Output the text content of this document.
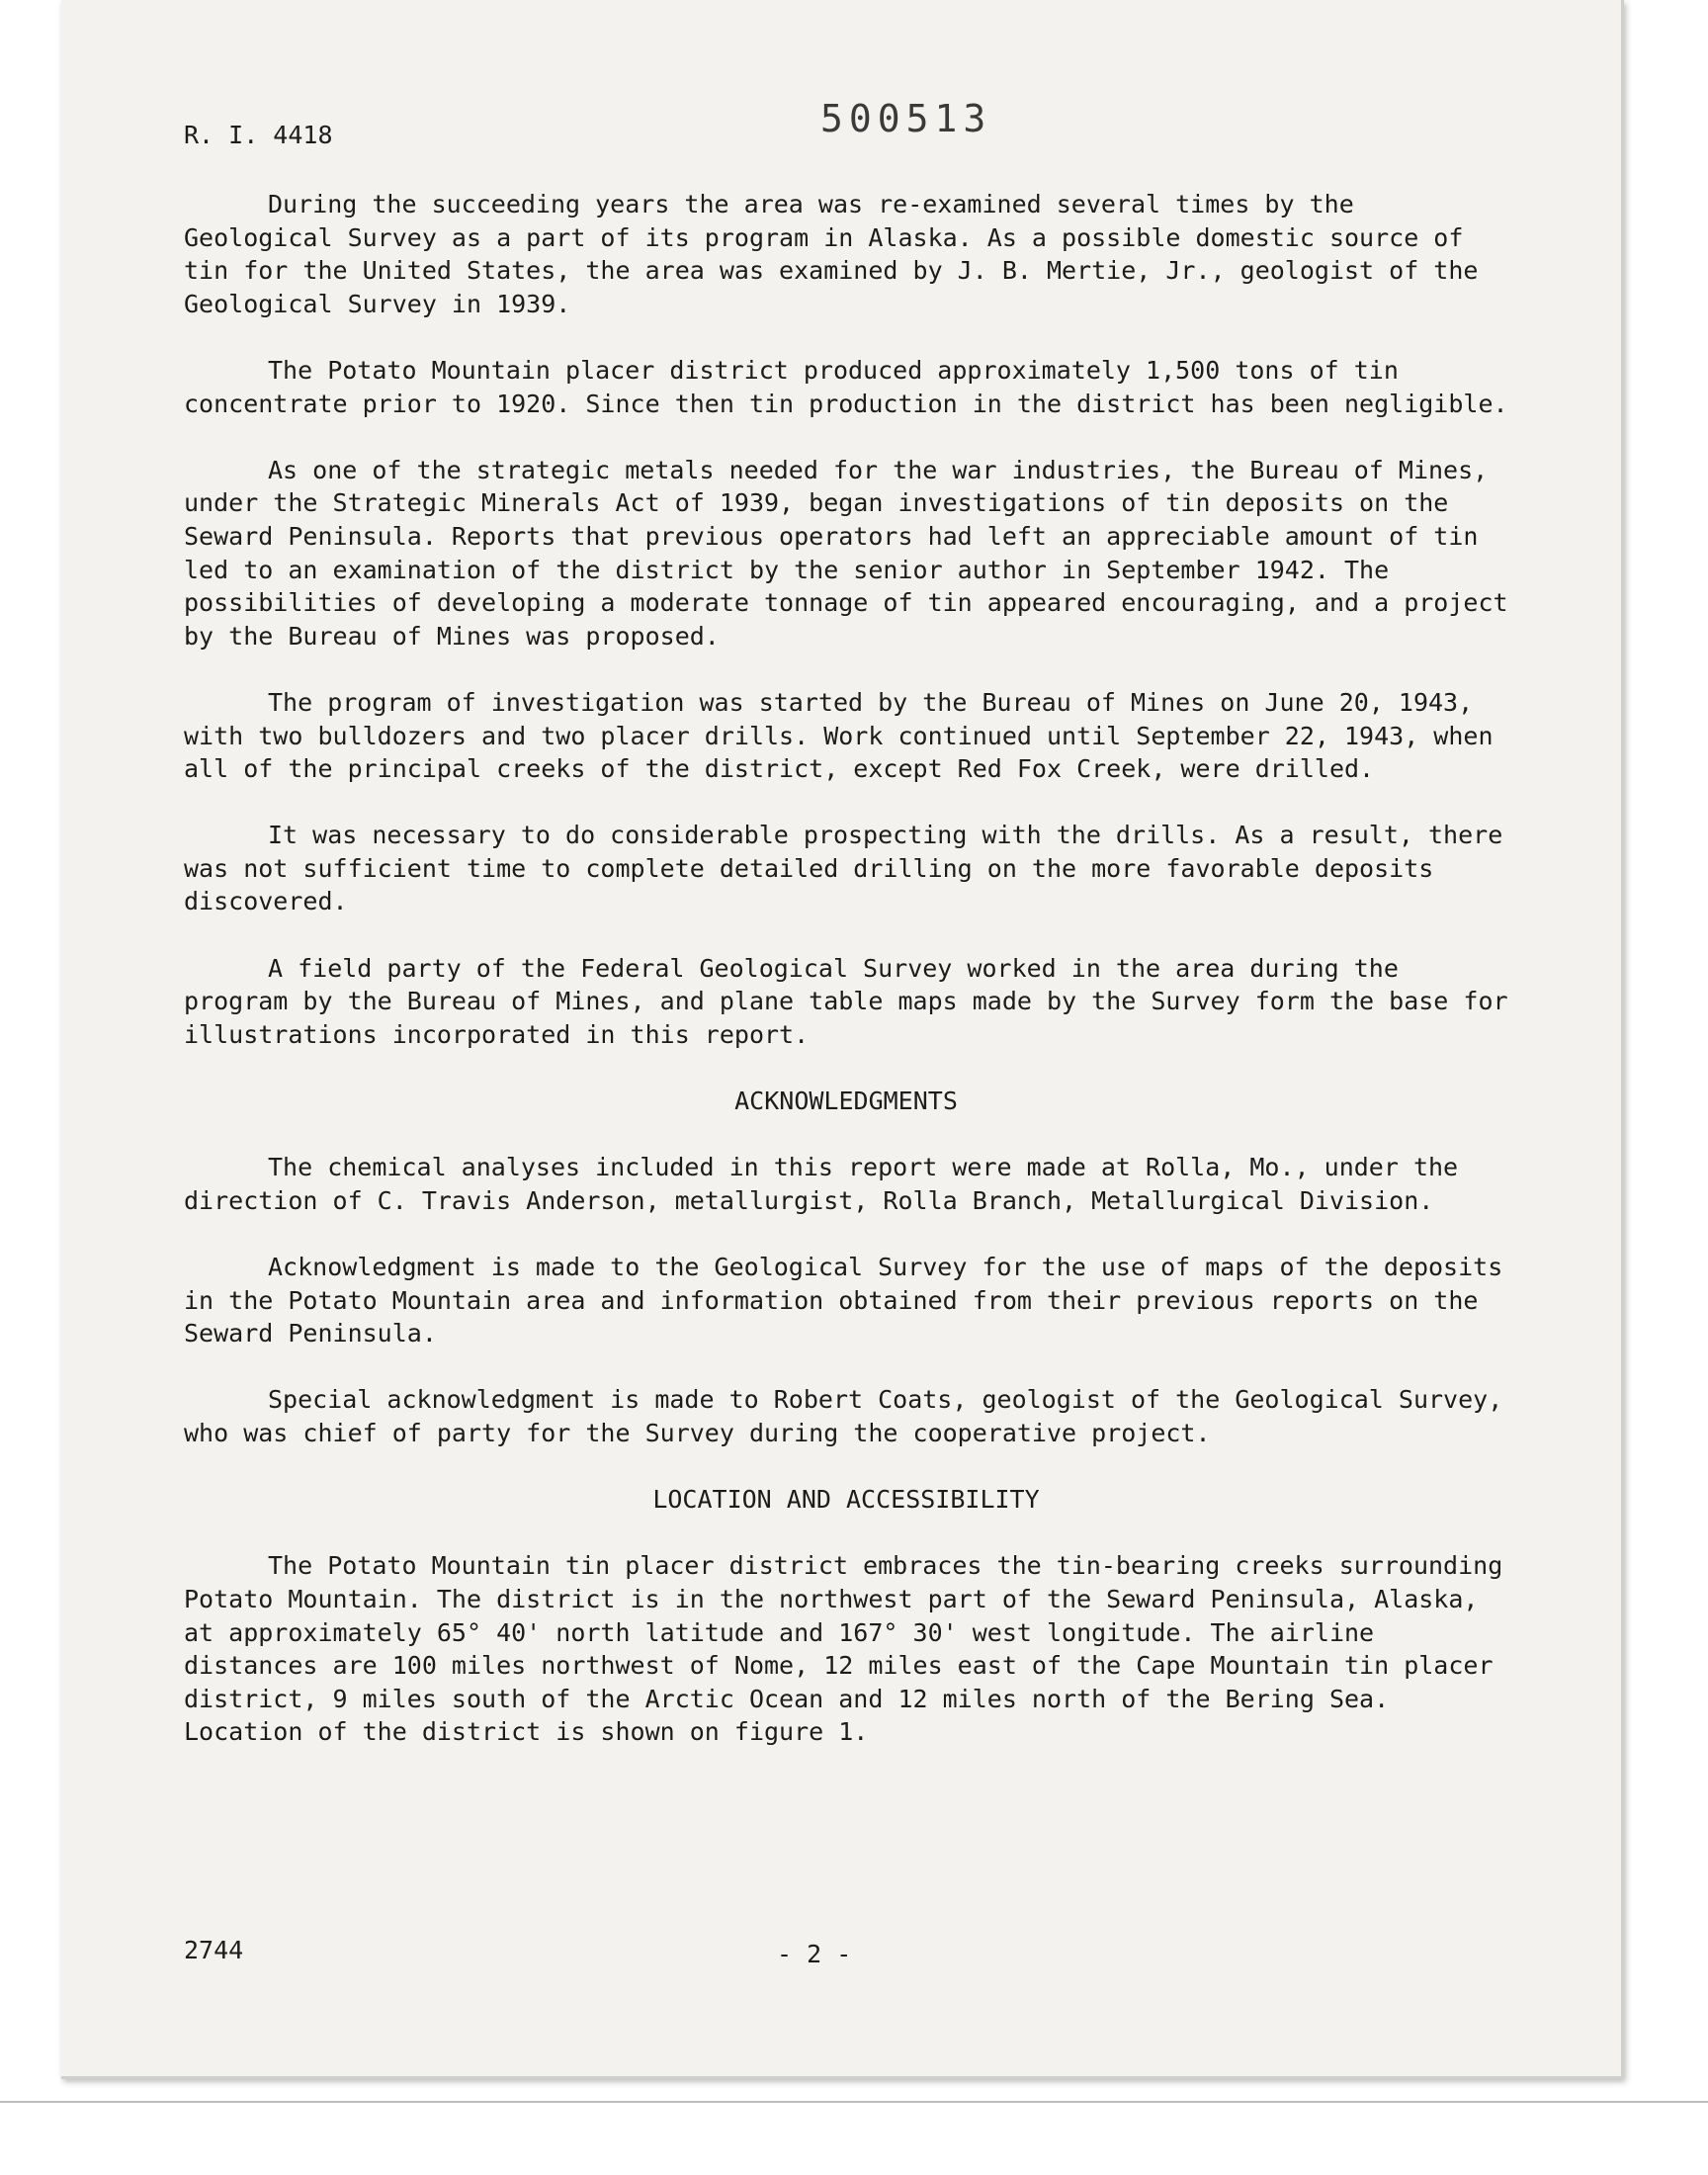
R. I. 4418	500513

During the succeeding years the area was re-examined several times by the Geological Survey as a part of its program in Alaska. As a possible domestic source of tin for the United States, the area was examined by J. B. Mertie, Jr., geologist of the Geological Survey in 1939.

The Potato Mountain placer district produced approximately 1,500 tons of tin concentrate prior to 1920. Since then tin production in the district has been negligible.

As one of the strategic metals needed for the war industries, the Bureau of Mines, under the Strategic Minerals Act of 1939, began investigations of tin deposits on the Seward Peninsula. Reports that previous operators had left an appreciable amount of tin led to an examination of the district by the senior author in September 1942. The possibilities of developing a moderate tonnage of tin appeared encouraging, and a project by the Bureau of Mines was proposed.

The program of investigation was started by the Bureau of Mines on June 20, 1943, with two bulldozers and two placer drills. Work continued until September 22, 1943, when all of the principal creeks of the district, except Red Fox Creek, were drilled.

It was necessary to do considerable prospecting with the drills. As a result, there was not sufficient time to complete detailed drilling on the more favorable deposits discovered.

A field party of the Federal Geological Survey worked in the area during the program by the Bureau of Mines, and plane table maps made by the Survey form the base for illustrations incorporated in this report.

ACKNOWLEDGMENTS

The chemical analyses included in this report were made at Rolla, Mo., under the direction of C. Travis Anderson, metallurgist, Rolla Branch, Metallurgical Division.

Acknowledgment is made to the Geological Survey for the use of maps of the deposits in the Potato Mountain area and information obtained from their previous reports on the Seward Peninsula.

Special acknowledgment is made to Robert Coats, geologist of the Geological Survey, who was chief of party for the Survey during the cooperative project.

LOCATION AND ACCESSIBILITY

The Potato Mountain tin placer district embraces the tin-bearing creeks surrounding Potato Mountain. The district is in the northwest part of the Seward Peninsula, Alaska, at approximately 65° 40' north latitude and 167° 30' west longitude. The airline distances are 100 miles northwest of Nome, 12 miles east of the Cape Mountain tin placer district, 9 miles south of the Arctic Ocean and 12 miles north of the Bering Sea. Location of the district is shown on figure 1.

2744	- 2 -
